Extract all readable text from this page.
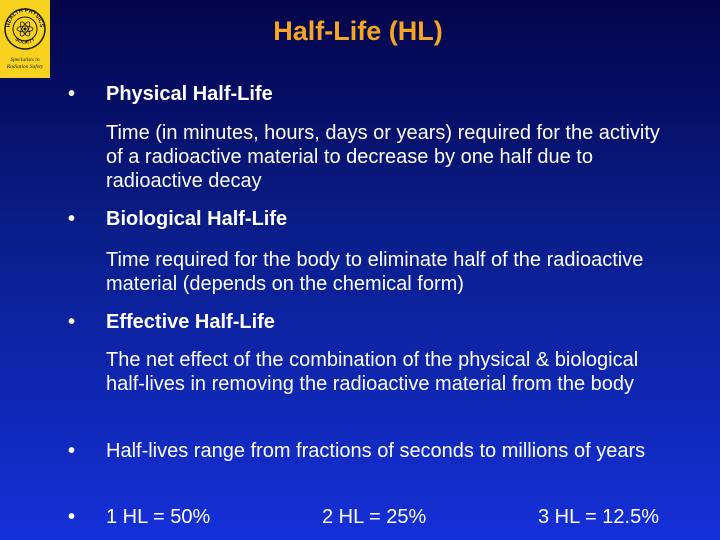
HEALTH PHYSICS
SOCIETY
Specialists in
Radiation Safety
Half-Life (HL)
• Physical Half-Life
Time (in minutes, hours, days or years) required for the activity of a radioactive material to decrease by one half due to radioactive decay
• Biological Half-Life
Time required for the body to eliminate half of the radioactive material (depends on the chemical form)
• Effective Half-Life
The net effect of the combination of the physical & biological half-lives in removing the radioactive material from the body
• Half-lives range from fractions of seconds to millions of years
• 1 HL = 50%	2 HL = 25%	3 HL = 12.5%
